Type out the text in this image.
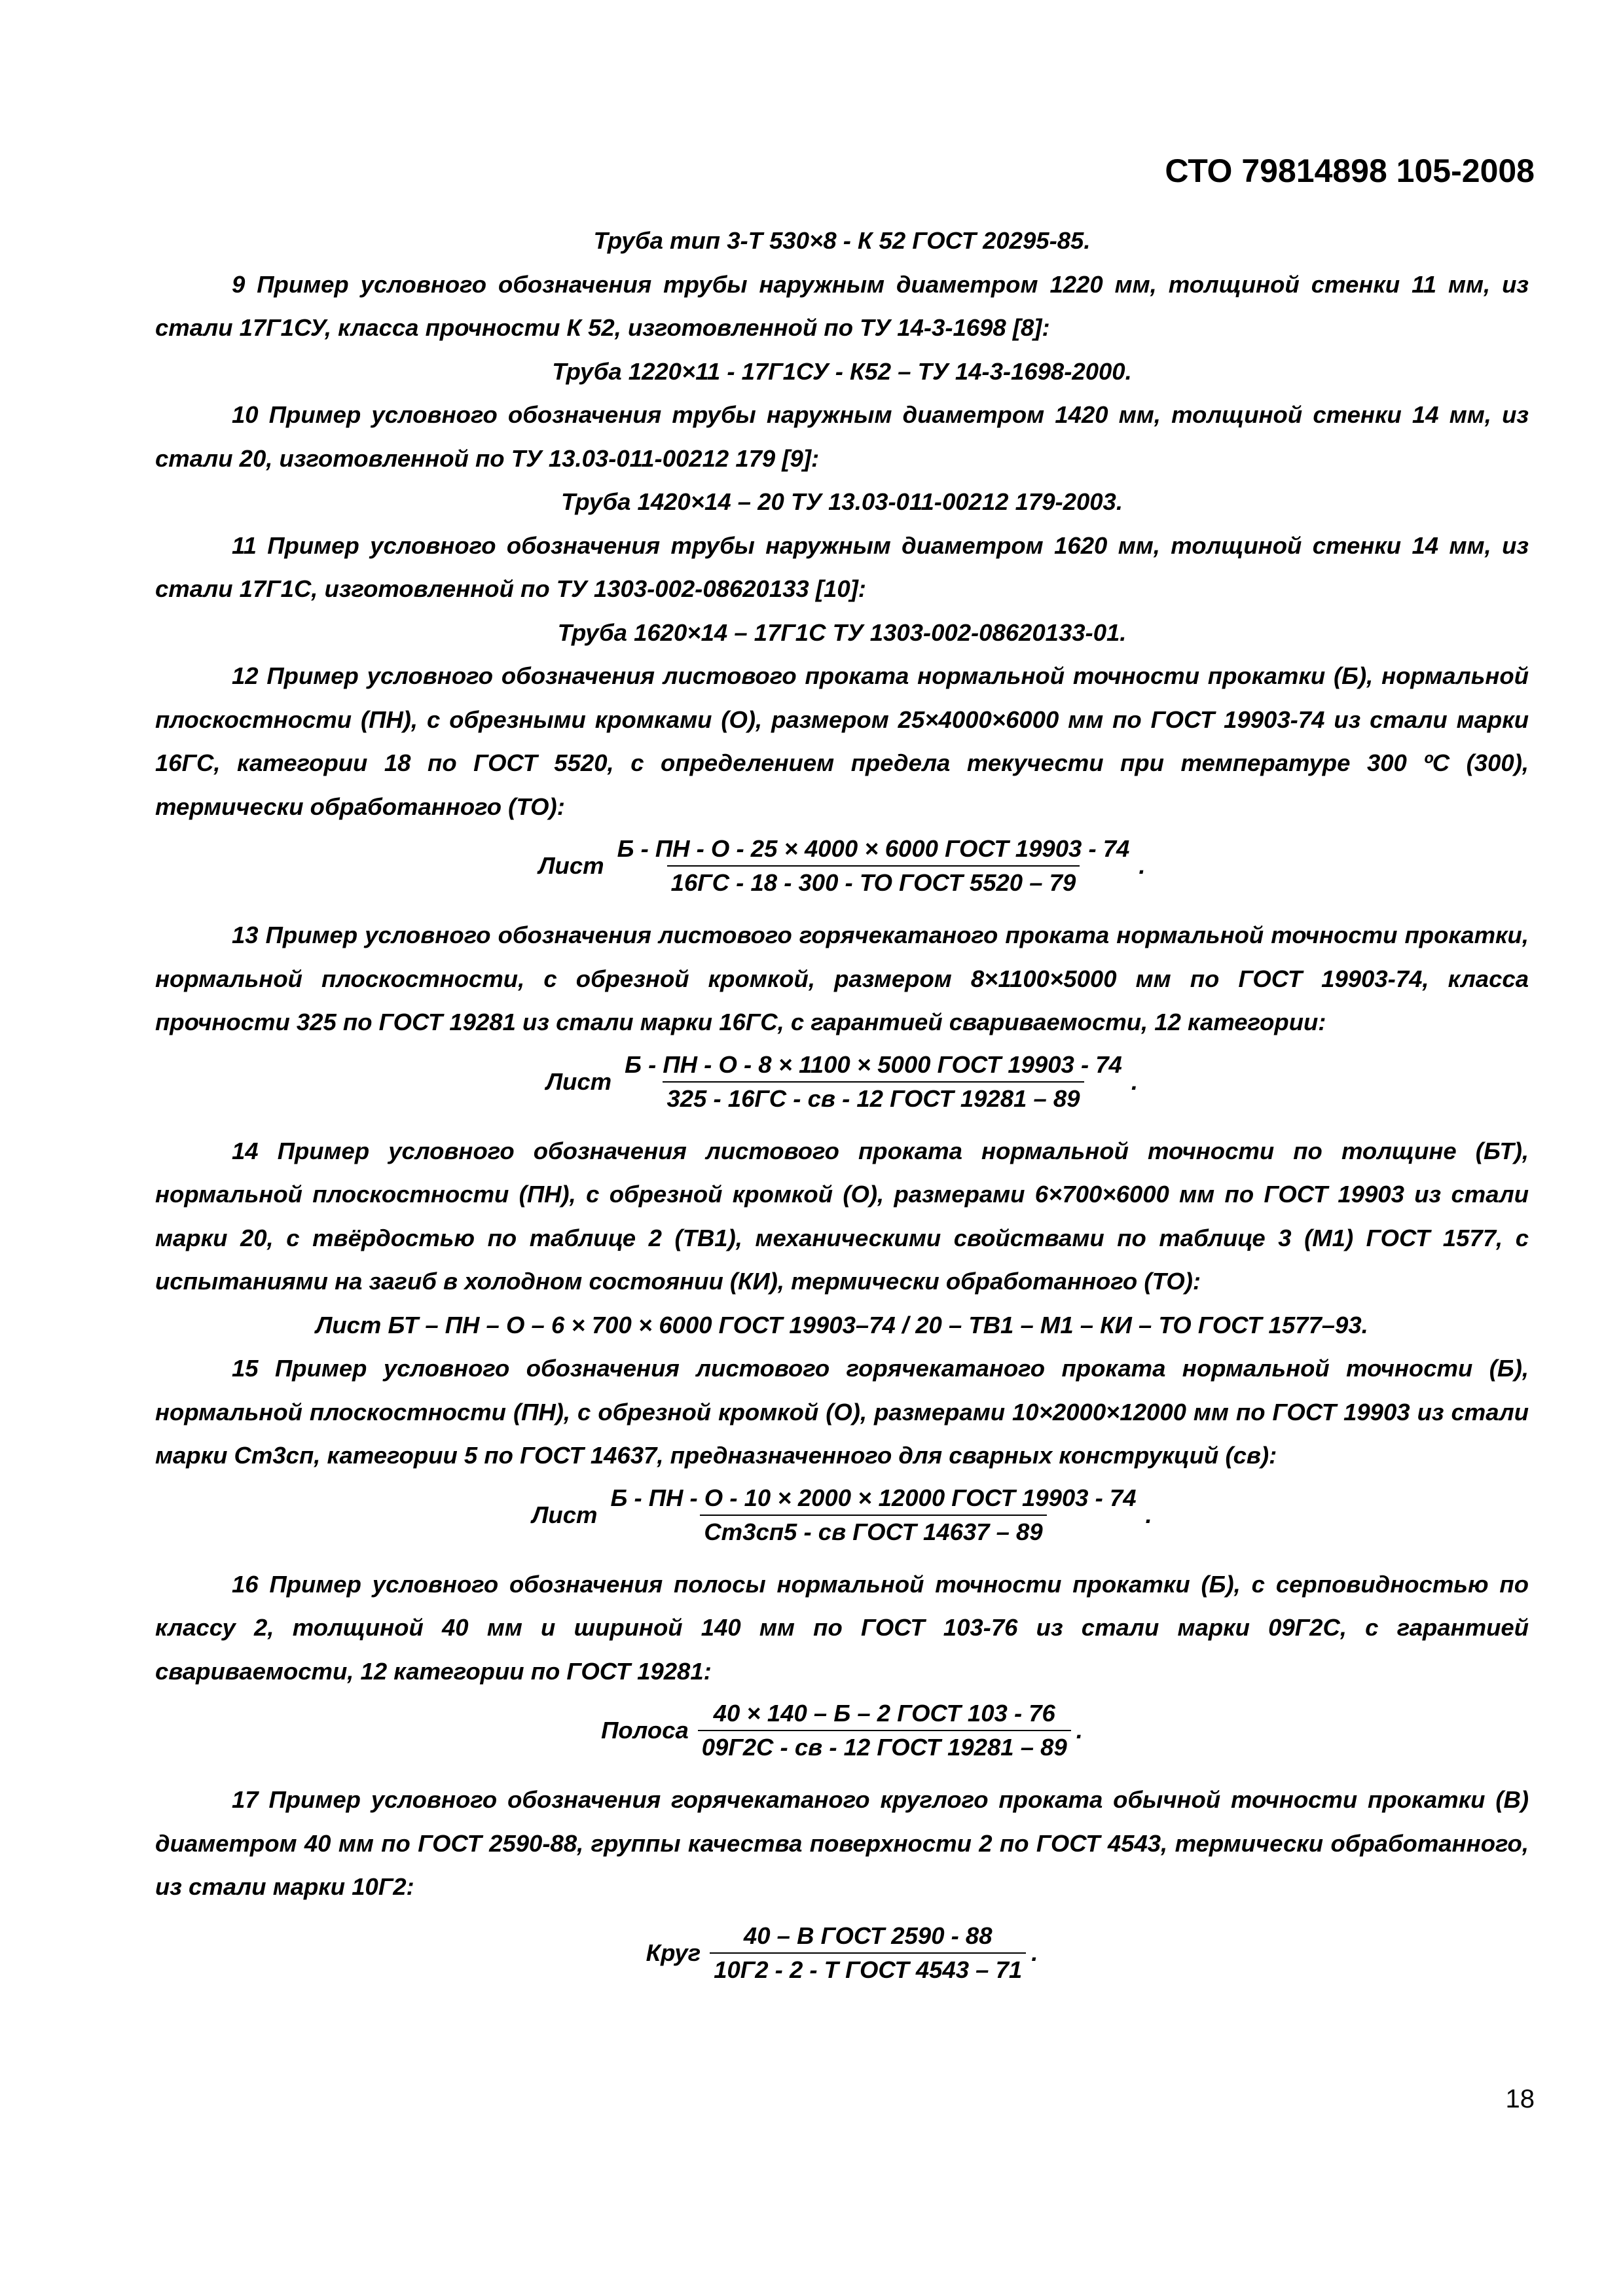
СТО 79814898 105-2008

Труба тип 3-Т 530×8 - К 52 ГОСТ 20295-85.

9 Пример условного обозначения трубы наружным диаметром 1220 мм, толщиной стенки 11 мм, из стали 17Г1СУ, класса прочности К 52, изготовленной по ТУ 14-3-1698 [8]:

Труба 1220×11 - 17Г1СУ - К52 – ТУ 14-3-1698-2000.

10 Пример условного обозначения трубы наружным диаметром 1420 мм, толщиной стенки 14 мм, из стали 20, изготовленной по ТУ 13.03-011-00212 179 [9]:

Труба 1420×14 – 20 ТУ 13.03-011-00212 179-2003.

11 Пример условного обозначения трубы наружным диаметром 1620 мм, толщиной стенки 14 мм, из стали 17Г1С, изготовленной по ТУ 1303-002-08620133 [10]:

Труба 1620×14 – 17Г1С ТУ 1303-002-08620133-01.

12 Пример условного обозначения листового проката нормальной точности прокатки (Б), нормальной плоскостности (ПН), с обрезными кромками (О), размером 25×4000×6000 мм по ГОСТ 19903-74 из стали марки 16ГС, категории 18 по ГОСТ 5520, с определением предела текучести при температуре 300 ºС (300), термически обработанного (ТО):

Лист $\frac{\text{Б - ПН - О - 25 × 4000 × 6000 ГОСТ 19903 - 74}}{\text{16ГС - 18 - 300 - ТО ГОСТ 5520 – 79}}$ .

13 Пример условного обозначения листового горячекатаного проката нормальной точности прокатки, нормальной плоскостности, с обрезной кромкой, размером 8×1100×5000 мм по ГОСТ 19903-74, класса прочности 325 по ГОСТ 19281 из стали марки 16ГС, с гарантией свариваемости, 12 категории:

Лист $\frac{\text{Б - ПН - О - 8 × 1100 × 5000 ГОСТ 19903 - 74}}{\text{325 - 16ГС - св - 12 ГОСТ 19281 – 89}}$ .

14 Пример условного обозначения листового проката нормальной точности по толщине (БТ), нормальной плоскостности (ПН), с обрезной кромкой (О), размерами 6×700×6000 мм по ГОСТ 19903 из стали марки 20, с твёрдостью по таблице 2 (ТВ1), механическими свойствами по таблице 3 (М1) ГОСТ 1577, с испытаниями на загиб в холодном состоянии (КИ), термически обработанного (ТО):

Лист БТ – ПН – О – 6 × 700 × 6000 ГОСТ 19903–74 / 20 – ТВ1 – М1 – КИ – ТО ГОСТ 1577–93.

15 Пример условного обозначения листового горячекатаного проката нормальной точности (Б), нормальной плоскостности (ПН), с обрезной кромкой (О), размерами 10×2000×12000 мм по ГОСТ 19903 из стали марки Ст3сп, категории 5 по ГОСТ 14637, предназначенного для сварных конструкций (св):

Лист $\frac{\text{Б - ПН - О - 10 × 2000 × 12000 ГОСТ 19903 - 74}}{\text{Ст3сп5 - св ГОСТ 14637 – 89}}$ .

16 Пример условного обозначения полосы нормальной точности прокатки (Б), с серповидностью по классу 2, толщиной 40 мм и шириной 140 мм по ГОСТ 103-76 из стали марки 09Г2С, с гарантией свариваемости, 12 категории по ГОСТ 19281:

Полоса $\frac{\text{40 × 140 – Б – 2 ГОСТ 103 - 76}}{\text{09Г2С - св - 12 ГОСТ 19281 – 89}}$ .

17 Пример условного обозначения горячекатаного круглого проката обычной точности прокатки (В) диаметром 40 мм по ГОСТ 2590-88, группы качества поверхности 2 по ГОСТ 4543, термически обработанного, из стали марки 10Г2:

Круг $\frac{\text{40 – В ГОСТ 2590 - 88}}{\text{10Г2 - 2 - Т ГОСТ 4543 – 71}}$ .
18
